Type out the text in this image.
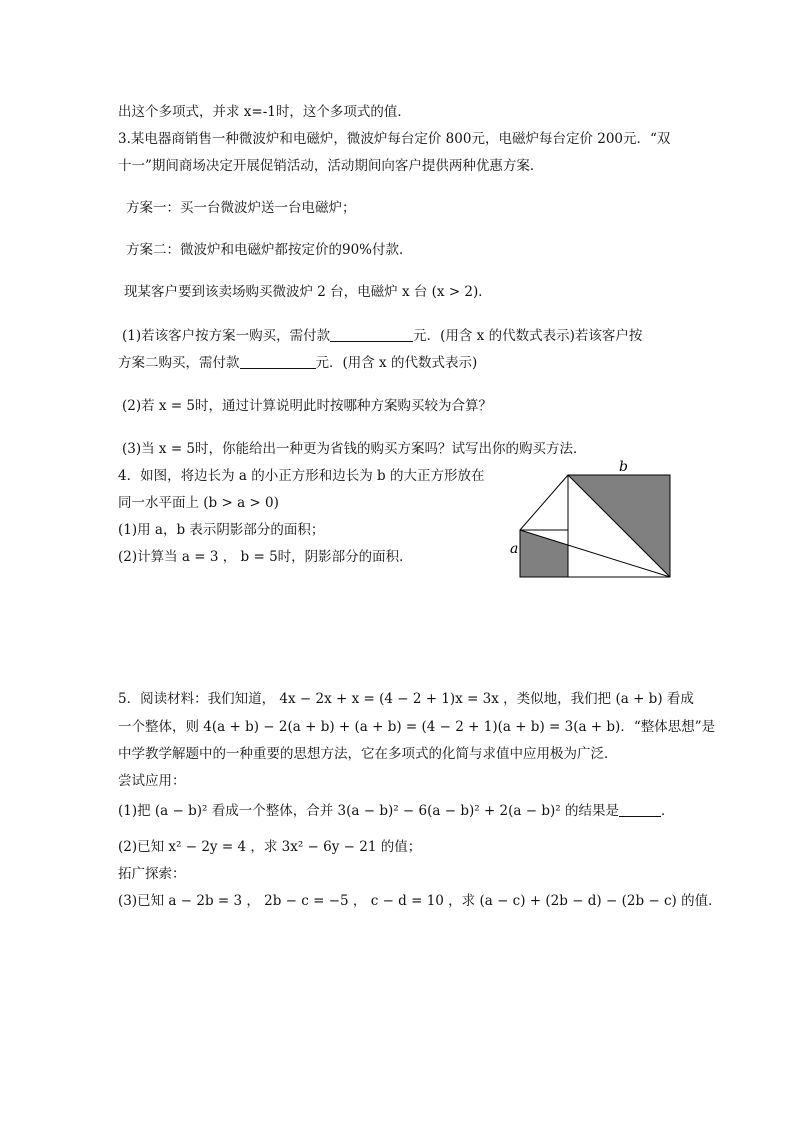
出这个多项式，并求 x=-1时，这个多项式的值．
3.某电器商销售一种微波炉和电磁炉，微波炉每台定价 800元，电磁炉每台定价 200元．“双
十一”期间商场决定开展促销活动，活动期间向客户提供两种优惠方案．
方案一：买一台微波炉送一台电磁炉；
方案二：微波炉和电磁炉都按定价的90%付款．
现某客户要到该卖场购买微波炉 2 台，电磁炉 x 台 (x > 2)．
(1)若该客户按方案一购买，需付款	元．(用含 x 的代数式表示)若该客户按
方案二购买，需付款	元．(用含 x 的代数式表示)
(2)若 x = 5时，通过计算说明此时按哪种方案购买较为合算？
(3)当 x = 5时，你能给出一种更为省钱的购买方案吗？试写出你的购买方法．
4．如图，将边长为 a 的小正方形和边长为 b 的大正方形放在
同一水平面上 (b > a > 0)
(1)用 a，b 表示阴影部分的面积；
(2)计算当 a = 3 ， b = 5时，阴影部分的面积．
b
a
5．阅读材料：我们知道， 4x − 2x + x = (4 − 2 + 1)x = 3x ，类似地，我们把 (a + b) 看成
一个整体，则 4(a + b) − 2(a + b) + (a + b) = (4 − 2 + 1)(a + b) = 3(a + b)．“整体思想”是
中学教学解题中的一种重要的思想方法，它在多项式的化简与求值中应用极为广泛．
尝试应用：
(1)把 (a − b)² 看成一个整体，合并 3(a − b)² − 6(a − b)² + 2(a − b)² 的结果是	．
(2)已知 x² − 2y = 4 ，求 3x² − 6y − 21 的值；
拓广探索：
(3)已知 a − 2b = 3 ， 2b − c = −5 ， c − d = 10 ，求 (a − c) + (2b − d) − (2b − c) 的值．
